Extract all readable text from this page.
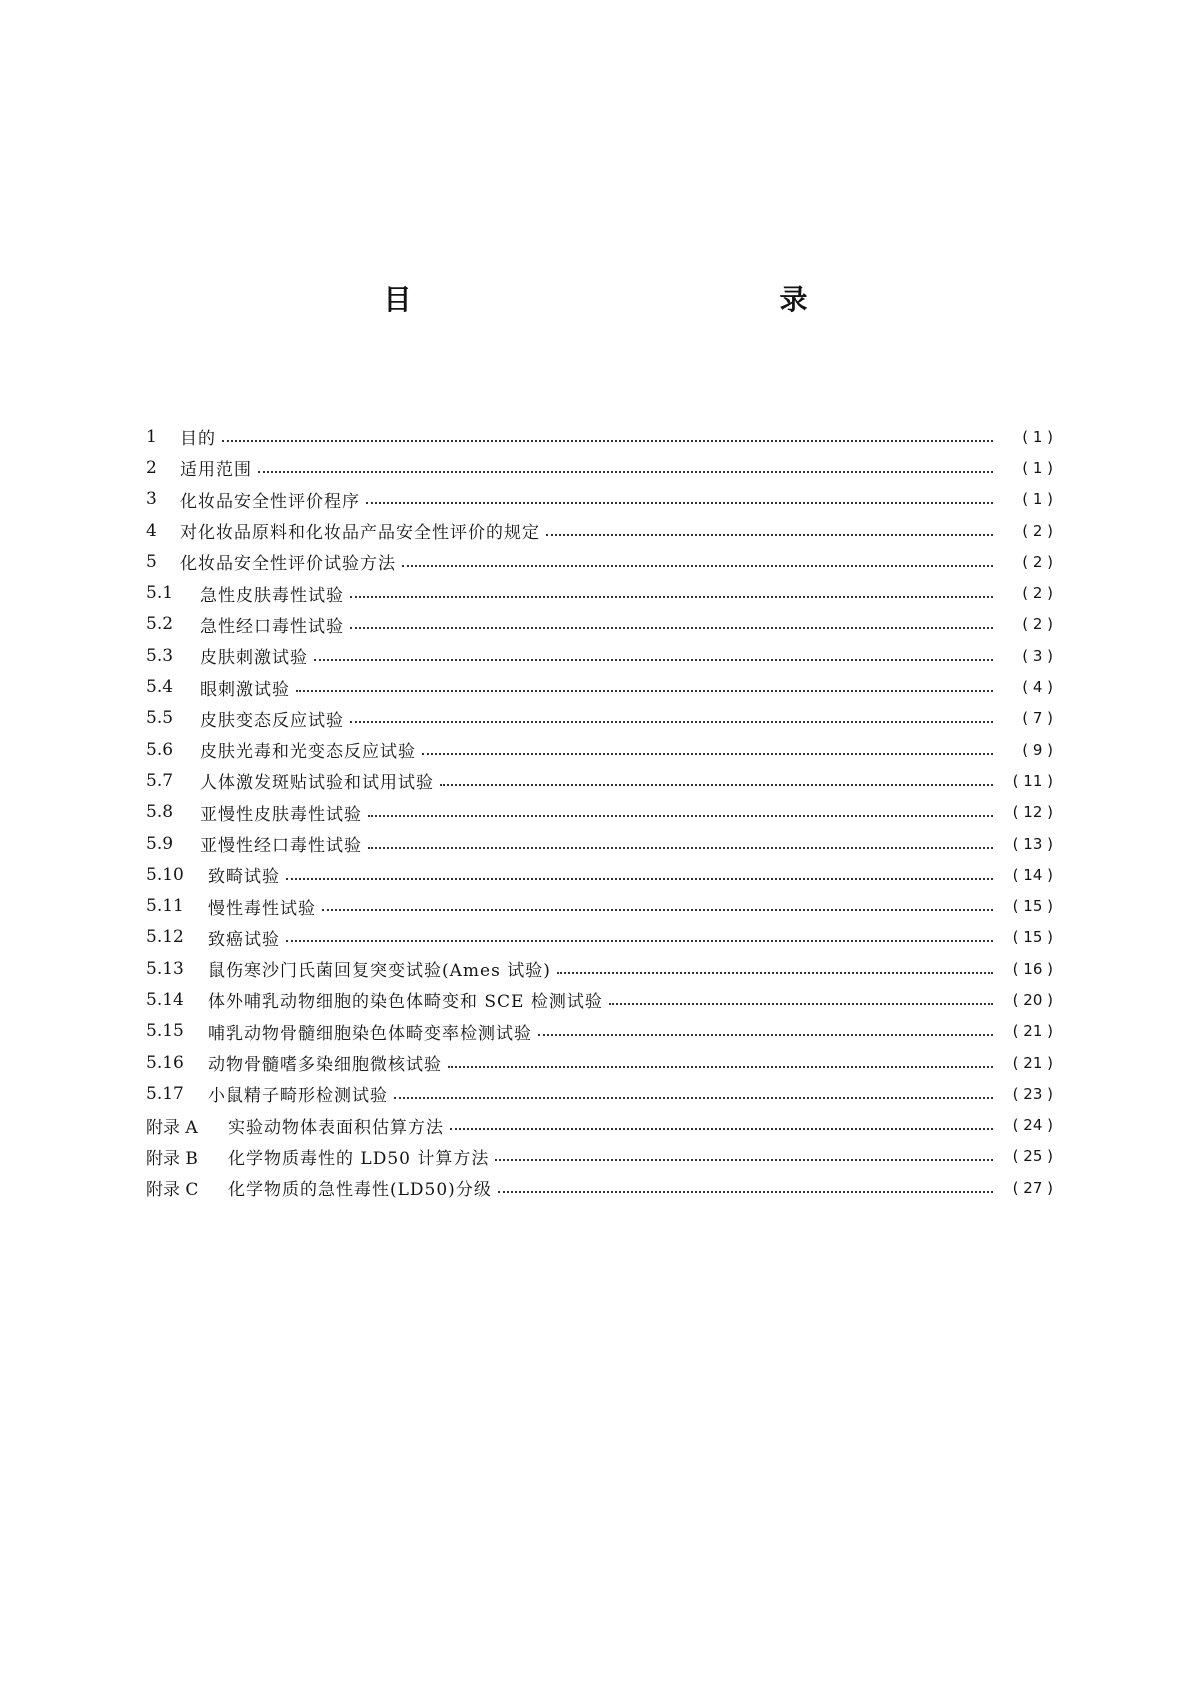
目　　录
1	目的	( 1 )
2	适用范围	( 1 )
3	化妆品安全性评价程序	( 1 )
4	对化妆品原料和化妆品产品安全性评价的规定	( 2 )
5	化妆品安全性评价试验方法	( 2 )
5.1	急性皮肤毒性试验	( 2 )
5.2	急性经口毒性试验	( 2 )
5.3	皮肤刺激试验	( 3 )
5.4	眼刺激试验	( 4 )
5.5	皮肤变态反应试验	( 7 )
5.6	皮肤光毒和光变态反应试验	( 9 )
5.7	人体激发斑贴试验和试用试验	( 11 )
5.8	亚慢性皮肤毒性试验	( 12 )
5.9	亚慢性经口毒性试验	( 13 )
5.10	致畸试验	( 14 )
5.11	慢性毒性试验	( 15 )
5.12	致癌试验	( 15 )
5.13	鼠伤寒沙门氏菌回复突变试验(Ames 试验)	( 16 )
5.14	体外哺乳动物细胞的染色体畸变和 SCE 检测试验	( 20 )
5.15	哺乳动物骨髓细胞染色体畸变率检测试验	( 21 )
5.16	动物骨髓嗜多染细胞微核试验	( 21 )
5.17	小鼠精子畸形检测试验	( 23 )
附录 A	实验动物体表面积估算方法	( 24 )
附录 B	化学物质毒性的 LD50 计算方法	( 25 )
附录 C	化学物质的急性毒性(LD50)分级	( 27 )
